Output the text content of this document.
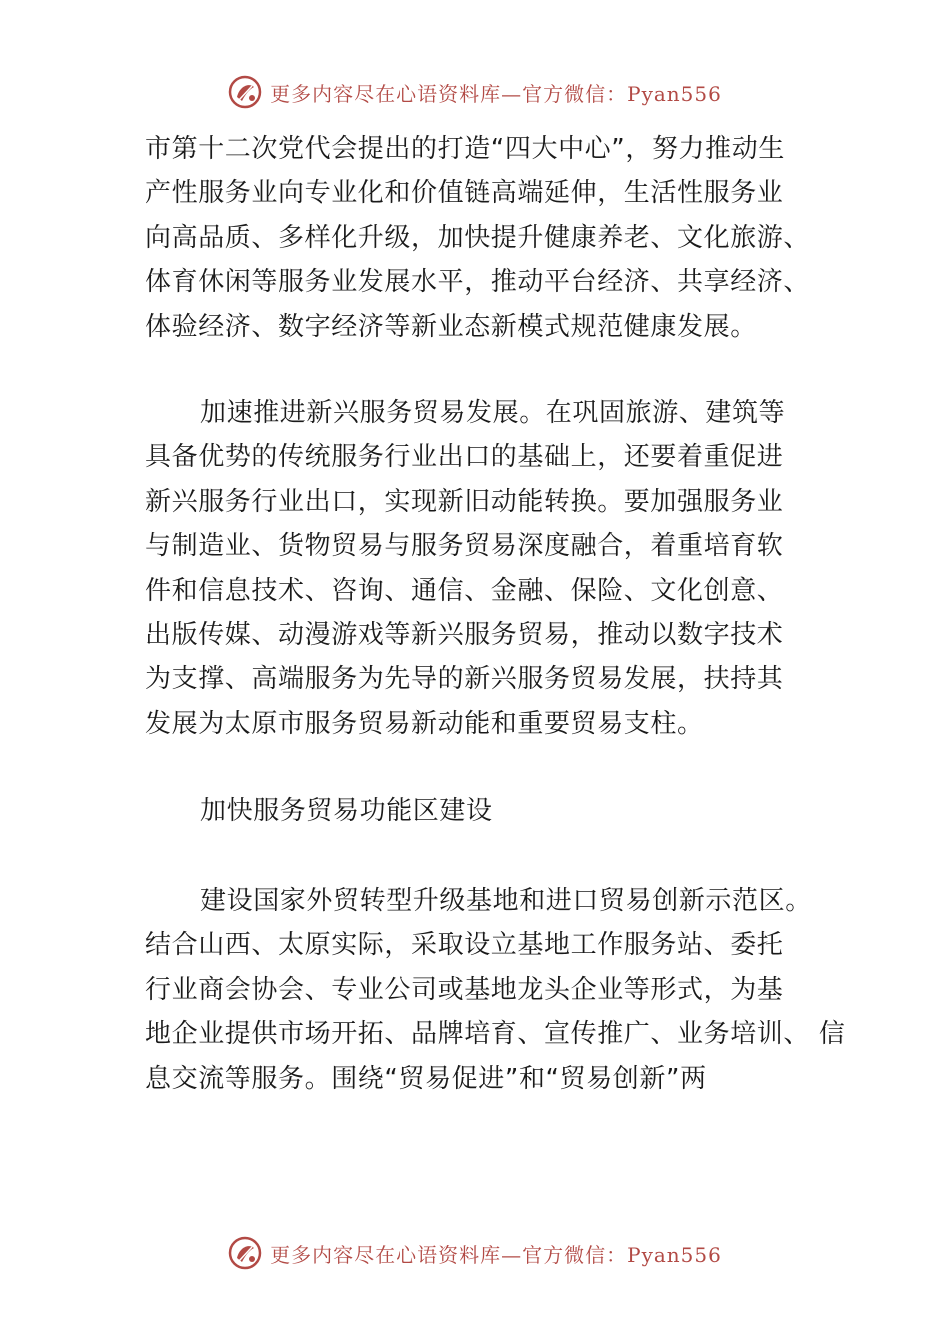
更多内容尽在心语资料库—官方微信：Pyan556
市第十二次党代会提出的打造“四大中心”，努力推动生
产性服务业向专业化和价值链高端延伸，生活性服务业
向高品质、多样化升级，加快提升健康养老、文化旅游、
体育休闲等服务业发展水平，推动平台经济、共享经济、
体验经济、数字经济等新业态新模式规范健康发展。
加速推进新兴服务贸易发展。在巩固旅游、建筑等
具备优势的传统服务行业出口的基础上，还要着重促进
新兴服务行业出口，实现新旧动能转换。要加强服务业
与制造业、货物贸易与服务贸易深度融合，着重培育软
件和信息技术、咨询、通信、金融、保险、文化创意、
出版传媒、动漫游戏等新兴服务贸易，推动以数字技术
为支撑、高端服务为先导的新兴服务贸易发展，扶持其
发展为太原市服务贸易新动能和重要贸易支柱。
加快服务贸易功能区建设
建设国家外贸转型升级基地和进口贸易创新示范区。
结合山西、太原实际，采取设立基地工作服务站、委托
行业商会协会、专业公司或基地龙头企业等形式，为基
地企业提供市场开拓、品牌培育、宣传推广、业务培训、 信
息交流等服务。围绕“贸易促进”和“贸易创新”两
更多内容尽在心语资料库—官方微信：Pyan556
